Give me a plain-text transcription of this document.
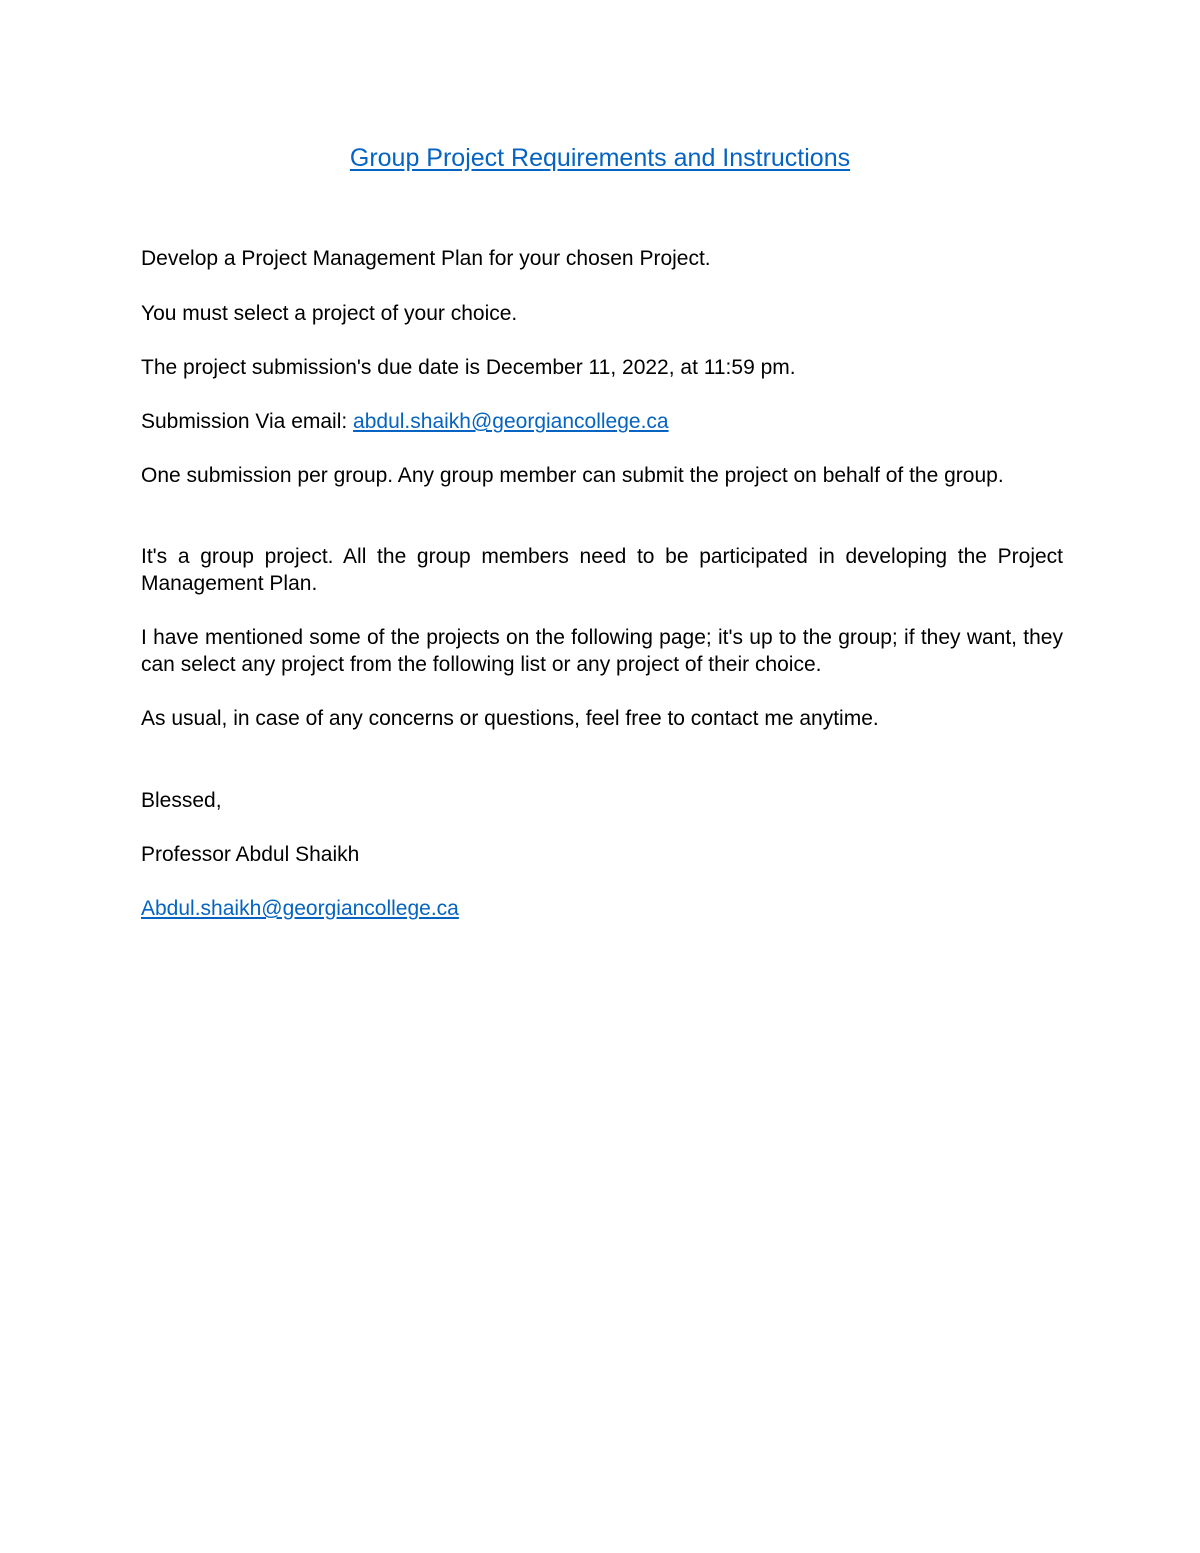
Group Project Requirements and Instructions

Develop a Project Management Plan for your chosen Project.

You must select a project of your choice.

The project submission's due date is December 11, 2022, at 11:59 pm.

Submission Via email: abdul.shaikh@georgiancollege.ca

One submission per group. Any group member can submit the project on behalf of the group.

It's a group project. All the group members need to be participated in developing the Project Management Plan.

I have mentioned some of the projects on the following page; it's up to the group; if they want, they can select any project from the following list or any project of their choice.

As usual, in case of any concerns or questions, feel free to contact me anytime.

Blessed,

Professor Abdul Shaikh

Abdul.shaikh@georgiancollege.ca
